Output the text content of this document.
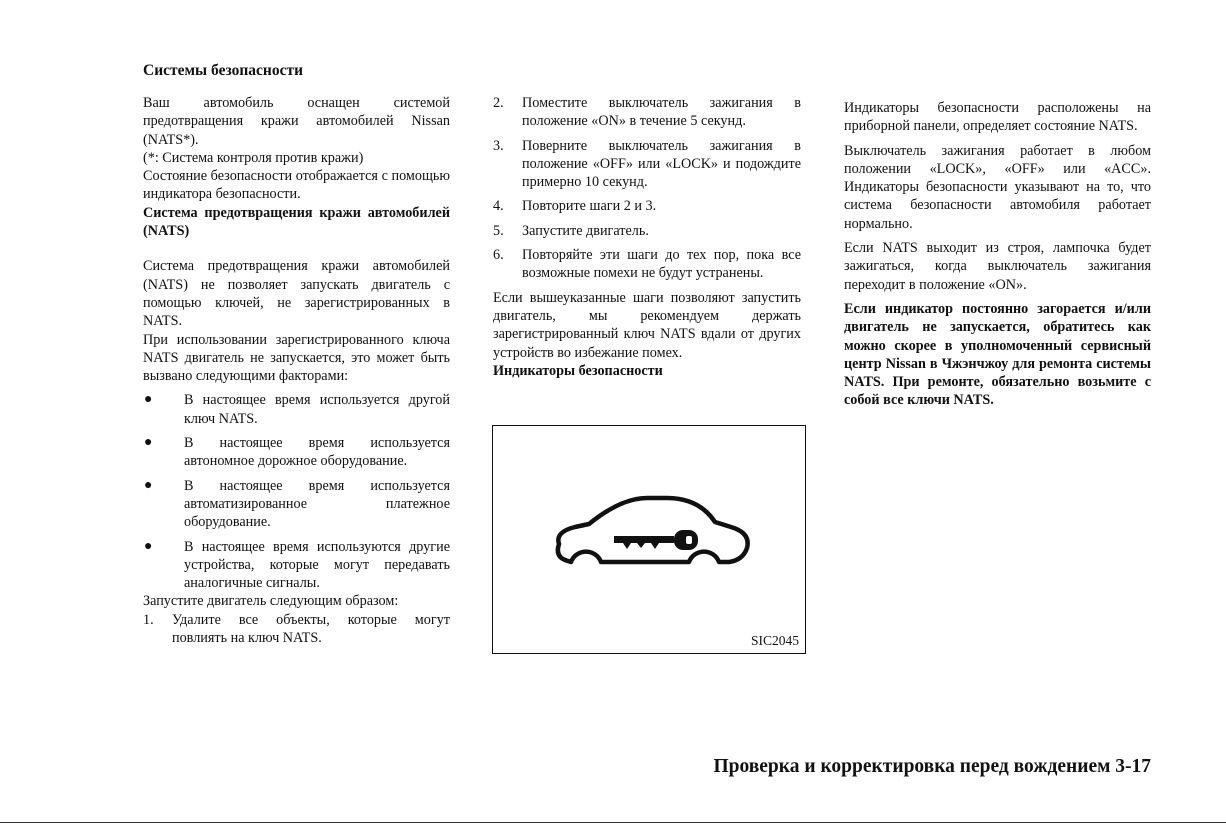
Системы безопасности

Ваш автомобиль оснащен системой предотвращения кражи автомобилей Nissan (NATS*).

(*: Система контроля против кражи)

Состояние безопасности отображается с помощью индикатора безопасности.

Система предотвращения кражи автомобилей (NATS)

Система предотвращения кражи автомобилей (NATS) не позволяет запускать двигатель с помощью ключей, не зарегистрированных в NATS.

При использовании зарегистрированного ключа NATS двигатель не запускается, это может быть вызвано следующими факторами:

● В настоящее время используется другой ключ NATS.
● В настоящее время используется автономное дорожное оборудование.
● В настоящее время используется автоматизированное платежное оборудование.
● В настоящее время используются другие устройства, которые могут передавать аналогичные сигналы.

Запустите двигатель следующим образом:

1. Удалите все объекты, которые могут повлиять на ключ NATS.
2. Поместите выключатель зажигания в положение «ON» в течение 5 секунд.
3. Поверните выключатель зажигания в положение «OFF» или «LOCK» и подождите примерно 10 секунд.
4. Повторите шаги 2 и 3.
5. Запустите двигатель.
6. Повторяйте эти шаги до тех пор, пока все возможные помехи не будут устранены.

Если вышеуказанные шаги позволяют запустить двигатель, мы рекомендуем держать зарегистрированный ключ NATS вдали от других устройств во избежание помех.

Индикаторы безопасности

SIC2045

Индикаторы безопасности расположены на приборной панели, определяет состояние NATS.

Выключатель зажигания работает в любом положении «LOCK», «OFF» или «ACC». Индикаторы безопасности указывают на то, что система безопасности автомобиля работает нормально.

Если NATS выходит из строя, лампочка будет зажигаться, когда выключатель зажигания переходит в положение «ON».

Если индикатор постоянно загорается и/или двигатель не запускается, обратитесь как можно скорее в уполномоченный сервисный центр Nissan в Чжэнчжоу для ремонта системы NATS. При ремонте, обязательно возьмите с собой все ключи NATS.

Проверка и корректировка перед вождением 3-17
